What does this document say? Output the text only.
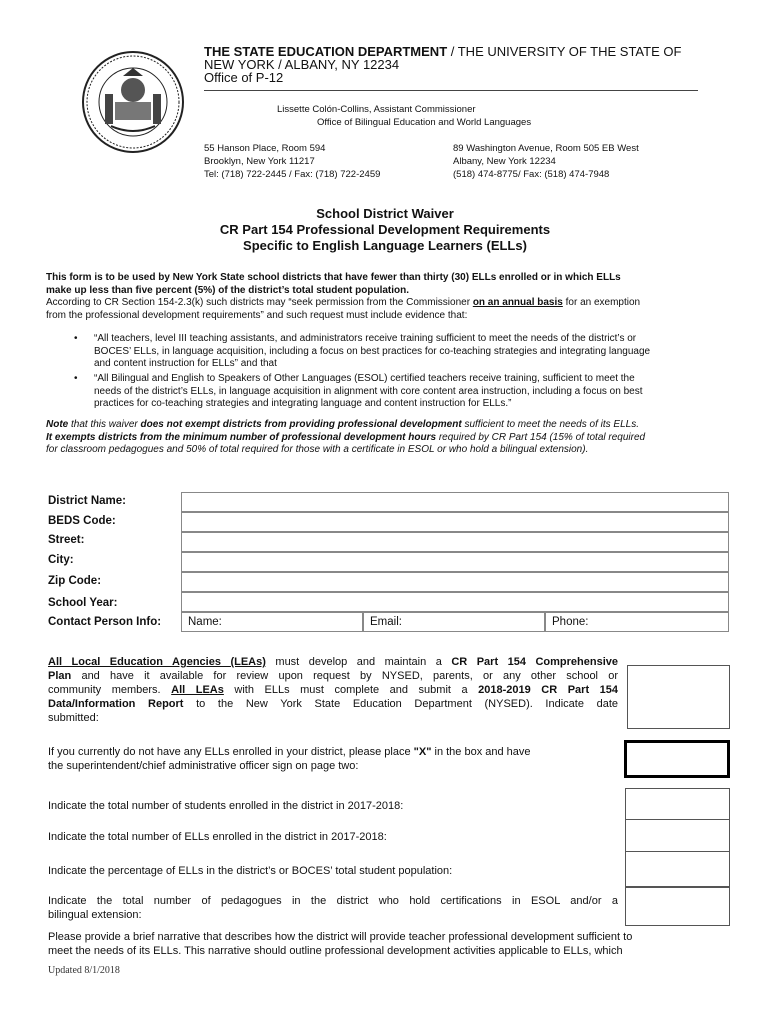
THE STATE EDUCATION DEPARTMENT / THE UNIVERSITY OF THE STATE OF
NEW YORK / ALBANY, NY 12234
Office of P-12
Lissette Colón-Collins, Assistant Commissioner
Office of Bilingual Education and World Languages
55 Hanson Place, Room 594
Brooklyn, New York 11217
Tel: (718) 722-2445 / Fax: (718) 722-2459
89 Washington Avenue, Room 505 EB West
Albany, New York 12234
(518) 474-8775/ Fax: (518) 474-7948
School District Waiver
CR Part 154 Professional Development Requirements
Specific to English Language Learners (ELLs)
This form is to be used by New York State school districts that have fewer than thirty (30) ELLs enrolled or in which ELLs
make up less than five percent (5%) of the district’s total student population.
According to CR Section 154-2.3(k) such districts may “seek permission from the Commissioner on an annual basis for an exemption
from the professional development requirements” and such request must include evidence that:
• “All teachers, level III teaching assistants, and administrators receive training sufficient to meet the needs of the district’s or
BOCES’ ELLs, in language acquisition, including a focus on best practices for co-teaching strategies and integrating language
and content instruction for ELLs” and that
• “All Bilingual and English to Speakers of Other Languages (ESOL) certified teachers receive training, sufficient to meet the
needs of the district’s ELLs, in language acquisition in alignment with core content area instruction, including a focus on best
practices for co-teaching strategies and integrating language and content instruction for ELLs.”
Note that this waiver does not exempt districts from providing professional development sufficient to meet the needs of its ELLs.
It exempts districts from the minimum number of professional development hours required by CR Part 154 (15% of total required
for classroom pedagogues and 50% of total required for those with a certificate in ESOL or who hold a bilingual extension).
District Name:
BEDS Code:
Street:
City:
Zip Code:
School Year:
Contact Person Info: Name:	Email:	Phone:
All Local Education Agencies (LEAs) must develop and maintain a CR Part 154 Comprehensive
Plan and have it available for review upon request by NYSED, parents, or any other school or
community members. All LEAs with ELLs must complete and submit a 2018-2019 CR Part 154
Data/Information Report to the New York State Education Department (NYSED). Indicate date
submitted:
If you currently do not have any ELLs enrolled in your district, please place "X" in the box and have
the superintendent/chief administrative officer sign on page two:
Indicate the total number of students enrolled in the district in 2017-2018:
Indicate the total number of ELLs enrolled in the district in 2017-2018:
Indicate the percentage of ELLs in the district’s or BOCES’ total student population:
Indicate the total number of pedagogues in the district who hold certifications in ESOL and/or a
bilingual extension:
Please provide a brief narrative that describes how the district will provide teacher professional development sufficient to
meet the needs of its ELLs. This narrative should outline professional development activities applicable to ELLs, which
Updated 8/1/2018
